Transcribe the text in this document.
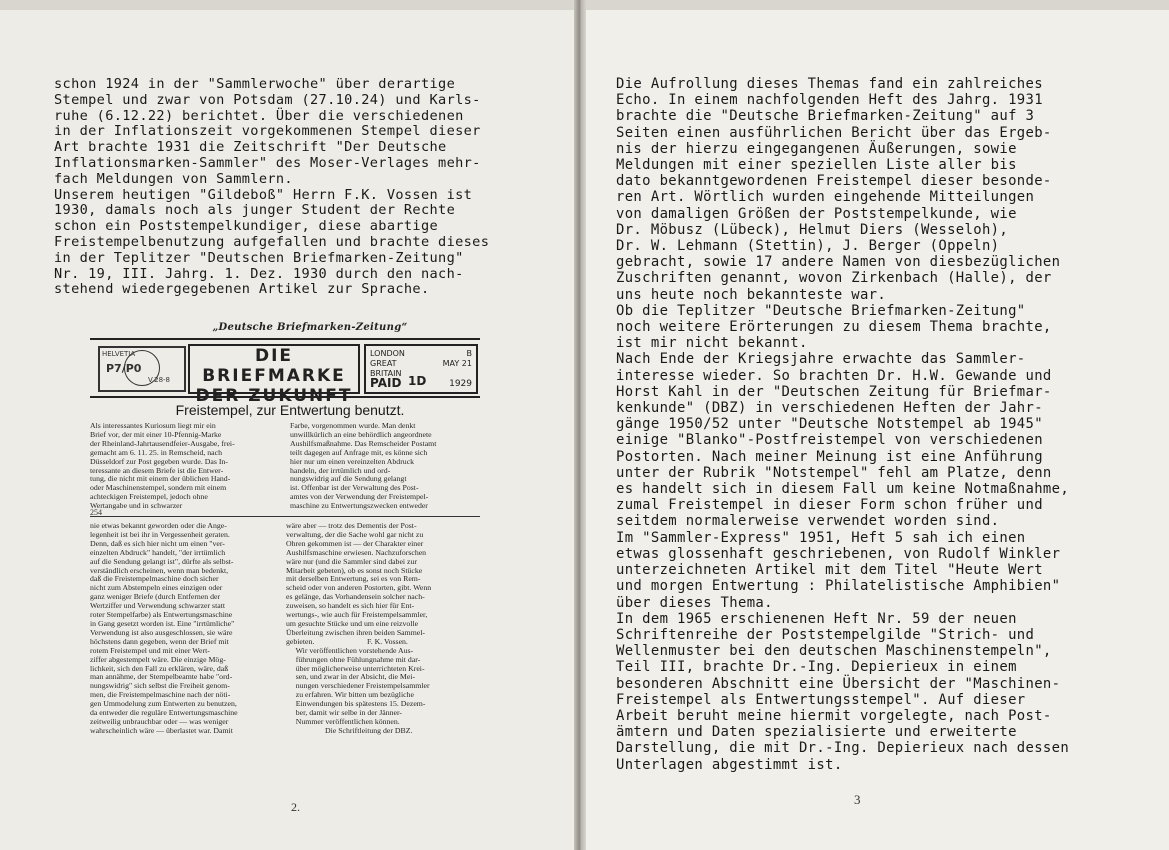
schon 1924 in der "Sammlerwoche" über derartige
Stempel und zwar von Potsdam (27.10.24) und Karls-
ruhe (6.12.22) berichtet. Über die verschiedenen
in der Inflationszeit vorgekommenen Stempel dieser
Art brachte 1931 die Zeitschrift "Der Deutsche
Inflationsmarken-Sammler" des Moser-Verlages mehr-
fach Meldungen von Sammlern.
Unserem heutigen "Gildeboß" Herrn F.K. Vossen ist
1930, damals noch als junger Student der Rechte
schon ein Poststempelkundiger, diese abartige
Freistempelbenutzung aufgefallen und brachte dieses
in der Teplitzer "Deutschen Briefmarken-Zeitung"
Nr. 19, III. Jahrg. 1. Dez. 1930 durch den nach-
stehend wiedergegebenen Artikel zur Sprache.
„Deutsche Briefmarken-Zeitung“
HELVETIA
P7/P0
V.28-8
DIE BRIEFMARKE
DER ZUKUNFT
LONDON
GREAT
BRITAIN
B
MAY 21
PAID 1D	1929
Freistempel, zur Entwertung benutzt.
Als interessantes Kuriosum liegt mir ein
Brief vor, der mit einer 10-Pfennig-Marke
der Rheinland-Jahrtausendfeier-Ausgabe, frei-
gemacht am 6. 11. 25. in Remscheid, nach
Düsseldorf zur Post gegeben wurde. Das In-
teressante an diesem Briefe ist die Entwer-
tung, die nicht mit einem der üblichen Hand-
oder Maschinenstempel, sondern mit einem
achteckigen Freistempel, jedoch ohne
Wertangabe und in schwarzer
Farbe, vorgenommen wurde. Man denkt
unwillkürlich an eine behördlich angeordnete
Aushilfsmaßnahme. Das Remscheider Postamt
teilt dagegen auf Anfrage mit, es könne sich
hier nur um einen vereinzelten Abdruck
handeln, der irrtümlich und ord-
nungswidrig auf die Sendung gelangt
ist. Offenbar ist der Verwaltung des Post-
amtes von der Verwendung der Freistempel-
maschine zu Entwertungszwecken entweder
254
nie etwas bekannt geworden oder die Ange-
legenheit ist bei ihr in Vergessenheit geraten.
Denn, daß es sich hier nicht um einen "ver-
einzelten Abdruck" handelt, "der irrtümlich
auf die Sendung gelangt ist", dürfte als selbst-
verständlich erscheinen, wenn man bedenkt,
daß die Freistempelmaschine doch sicher
nicht zum Abstempeln eines einzigen oder
ganz weniger Briefe (durch Entfernen der
Wertziffer und Verwendung schwarzer statt
roter Stempelfarbe) als Entwertungsmaschine
in Gang gesetzt worden ist. Eine "irrtümliche"
Verwendung ist also ausgeschlossen, sie wäre
höchstens dann gegeben, wenn der Brief mit
rotem Freistempel und mit einer Wert-
ziffer abgestempelt wäre. Die einzige Mög-
lichkeit, sich den Fall zu erklären, wäre, daß
man annähme, der Stempelbeamte habe "ord-
nungswidrig" sich selbst die Freiheit genom-
men, die Freistempelmaschine nach der nöti-
gen Ummodelung zum Entwerten zu benutzen,
da entweder die reguläre Entwertungsmaschine
zeitweilig unbrauchbar oder — was weniger
wahrscheinlich wäre — überlastet war. Damit
wäre aber — trotz des Dementis der Post-
verwaltung, der die Sache wohl gar nicht zu
Ohren gekommen ist — der Charakter einer
Aushilfsmaschine erwiesen. Nachzuforschen
wäre nur (und die Sammler sind dabei zur
Mitarbeit gebeten), ob es sonst noch Stücke
mit derselben Entwertung, sei es von Rem-
scheid oder von anderen Postorten, gibt. Wenn
es gelänge, das Vorhandensein solcher nach-
zuweisen, so handelt es sich hier für Ent-
wertungs-, wie auch für Freistempelsammler,
um gesuchte Stücke und um eine reizvolle
Überleitung zwischen ihren beiden Sammel-
gebieten.                           F. K. Vossen.
Wir veröffentlichen vorstehende Aus-
führungen ohne Fühlungnahme mit dar-
über möglicherweise unterrichteten Krei-
sen, und zwar in der Absicht, die Mei-
nungen verschiedener Freistempelsammler
zu erfahren. Wir bitten um bezügliche
Einwendungen bis spätestens 15. Dezem-
ber, damit wir selbe in der Jänner-
Nummer veröffentlichen können.
Die Schriftleitung der DBZ.
2.	3
Die Aufrollung dieses Themas fand ein zahlreiches
Echo. In einem nachfolgenden Heft des Jahrg. 1931
brachte die "Deutsche Briefmarken-Zeitung" auf 3
Seiten einen ausführlichen Bericht über das Ergeb-
nis der hierzu eingegangenen Äußerungen, sowie
Meldungen mit einer speziellen Liste aller bis
dato bekanntgewordenen Freistempel dieser besonde-
ren Art. Wörtlich wurden eingehende Mitteilungen
von damaligen Größen der Poststempelkunde, wie
Dr. Möbusz (Lübeck), Helmut Diers (Wesseloh),
Dr. W. Lehmann (Stettin), J. Berger (Oppeln)
gebracht, sowie 17 andere Namen von diesbezüglichen
Zuschriften genannt, wovon Zirkenbach (Halle), der
uns heute noch bekannteste war.
Ob die Teplitzer "Deutsche Briefmarken-Zeitung"
noch weitere Erörterungen zu diesem Thema brachte,
ist mir nicht bekannt.
Nach Ende der Kriegsjahre erwachte das Sammler-
interesse wieder. So brachten Dr. H.W. Gewande und
Horst Kahl in der "Deutschen Zeitung für Briefmar-
kenkunde" (DBZ) in verschiedenen Heften der Jahr-
gänge 1950/52 unter "Deutsche Notstempel ab 1945"
einige "Blanko"-Postfreistempel von verschiedenen
Postorten. Nach meiner Meinung ist eine Anführung
unter der Rubrik "Notstempel" fehl am Platze, denn
es handelt sich in diesem Fall um keine Notmaßnahme,
zumal Freistempel in dieser Form schon früher und
seitdem normalerweise verwendet worden sind.
Im "Sammler-Express" 1951, Heft 5 sah ich einen
etwas glossenhaft geschriebenen, von Rudolf Winkler
unterzeichneten Artikel mit dem Titel "Heute Wert
und morgen Entwertung : Philatelistische Amphibien"
über dieses Thema.
In dem 1965 erschienenen Heft Nr. 59 der neuen
Schriftenreihe der Poststempelgilde "Strich- und
Wellenmuster bei den deutschen Maschinenstempeln",
Teil III, brachte Dr.-Ing. Depierieux in einem
besonderen Abschnitt eine Übersicht der "Maschinen-
Freistempel als Entwertungsstempel". Auf dieser
Arbeit beruht meine hiermit vorgelegte, nach Post-
ämtern und Daten spezialisierte und erweiterte
Darstellung, die mit Dr.-Ing. Depierieux nach dessen
Unterlagen abgestimmt ist.
